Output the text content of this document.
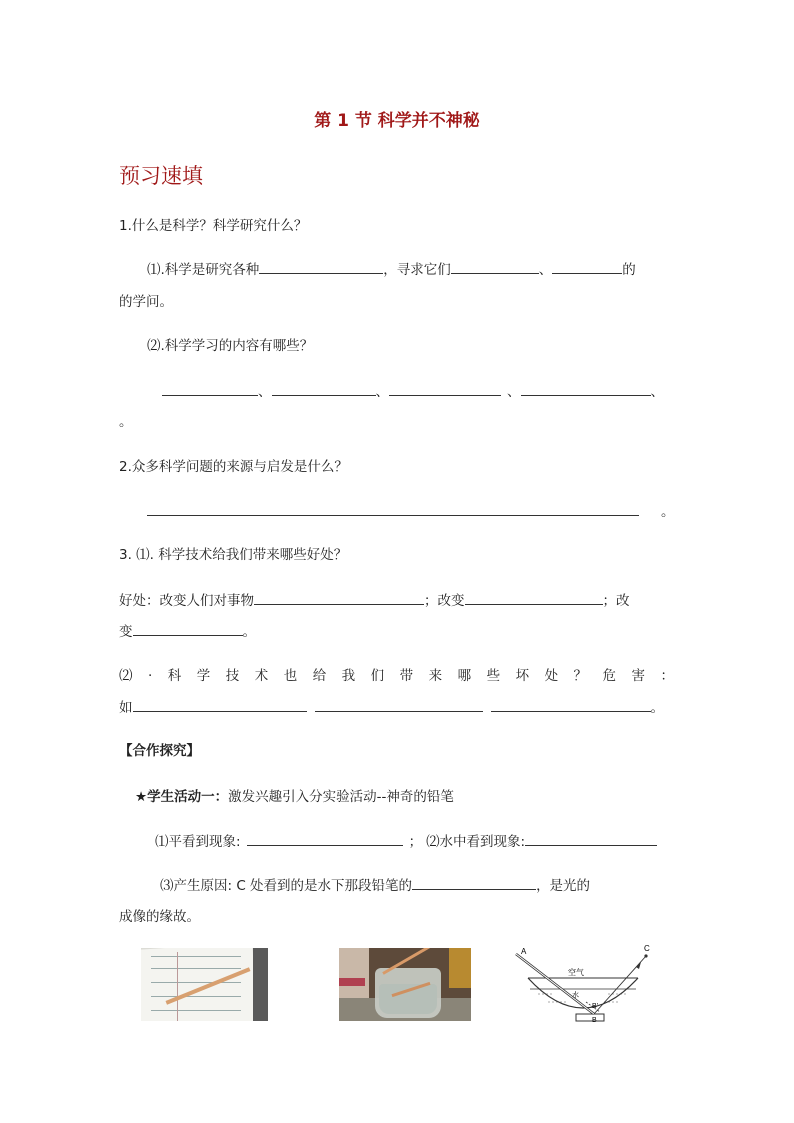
第 1 节 科学并不神秘
预习速填
1.什么是科学？科学研究什么？
⑴.科学是研究各种	，寻求它们	、	的
的学问。
⑵.科学学习的内容有哪些？
、	、	、	、
。
2.众多科学问题的来源与启发是什么？
。
3. ⑴. 科学技术给我们带来哪些好处？
好处：改变人们对事物	；改变	；改
变	。
⑵ . 科 学 技 术 也 给 我 们 带 来 哪 些 坏 处 ？ 危 害 ：
如	。
【合作探究】
★学生活动一：激发兴趣引入分实验活动--神奇的铅笔
⑴平看到现象:	； ⑵水中看到现象:
⑶产生原因: C 处看到的是水下那段铅笔的	，是光的
成像的缘故。
A	C
空气
水
B'
B
